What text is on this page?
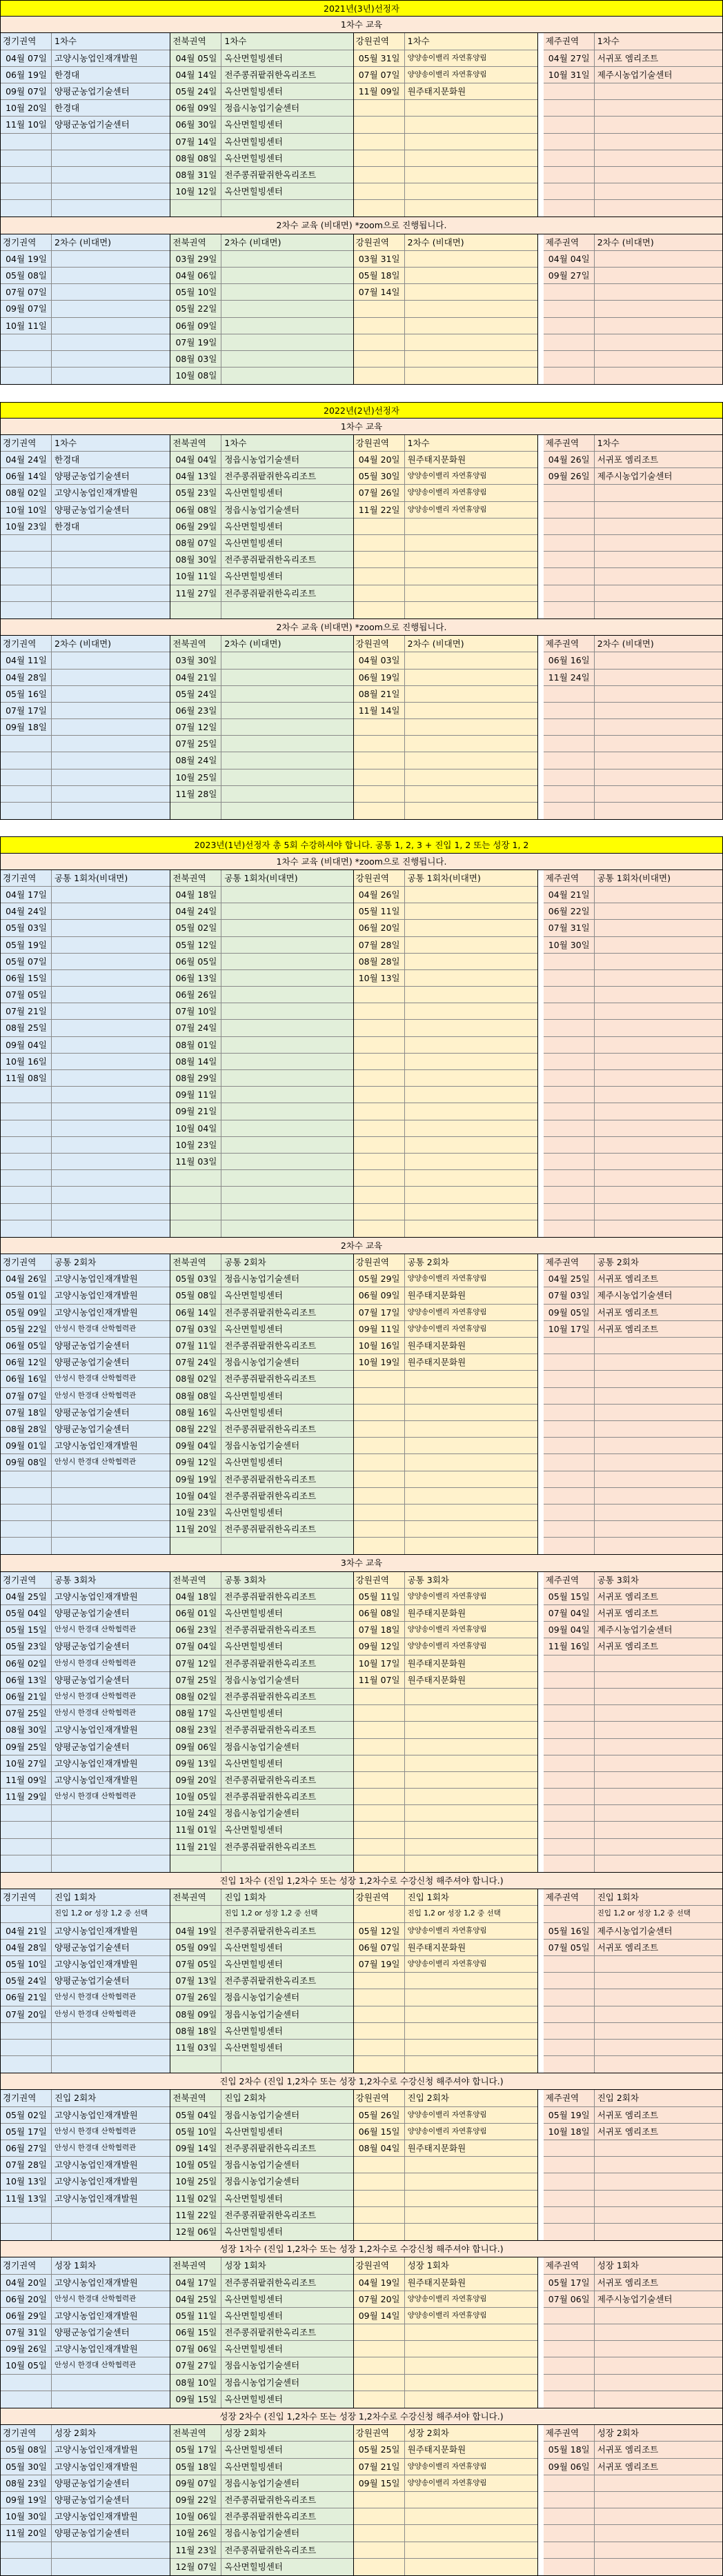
2021년(3년)선정자
1차수 교육
경기권역	1차수
04월 07일 고양시농업인재개발원
06월 19일 한경대
09월 07일 양평군농업기술센터
10월 20일 한경대
11월 10일 양평군농업기술센터
전북권역	1차수
04월 05일 옥산면힐빙센터
04월 14일 전주콩쥐팥쥐한옥리조트
05월 24일 옥산면힐빙센터
06월 09일 정읍시농업기술센터
06월 30일 옥산면힐빙센터
07월 14일 옥산면힐빙센터
08월 08일 옥산면힐빙센터
08월 31일 전주콩쥐팥쥐한옥리조트
10월 12일 옥산면힐빙센터
강원권역	1차수
05월 31일	양양송이밸리 자연휴양림
07월 07일	양양송이밸리 자연휴양림
11월 09일 원주태지문화원
제주권역	1차수
04월 27일 서귀포 엠리조트
10월 31일 제주시농업기술센터
2차수 교육 (비대면) *zoom으로 진행됩니다.
경기권역	2차수 (비대면)
04월 19일
05월 08일
07월 07일
09월 07일
10월 11일
전북권역	2차수 (비대면)
03월 29일
04월 06일
05월 10일
05월 22일
06월 09일
07월 19일
08월 03일
10월 08일
강원권역	2차수 (비대면)
03월 31일
05월 18일
07월 14일
제주권역	2차수 (비대면)
04월 04일
09월 27일
2022년(2년)선정자
1차수 교육
경기권역	1차수
04월 24일 한경대
06월 14일 양평군농업기술센터
08월 02일 고양시농업인재개발원
10월 10일 양평군농업기술센터
10월 23일 한경대
전북권역	1차수
04월 04일 정읍시농업기술센터
04월 13일 전주콩쥐팥쥐한옥리조트
05월 23일 옥산면힐빙센터
06월 08일 정읍시농업기술센터
06월 29일 옥산면힐빙센터
08월 07일 옥산면힐빙센터
08월 30일 전주콩쥐팥쥐한옥리조트
10월 11일 옥산면힐빙센터
11월 27일 전주콩쥐팥쥐한옥리조트
강원권역	1차수
04월 20일 원주태지문화원
05월 30일	양양송이밸리 자연휴양림
07월 26일	양양송이밸리 자연휴양림
11월 22일	양양송이밸리 자연휴양림
제주권역	1차수
04월 26일 서귀포 엠리조트
09월 26일 제주시농업기술센터
2차수 교육 (비대면) *zoom으로 진행됩니다.
경기권역	2차수 (비대면)
04월 11일
04월 28일
05월 16일
07월 17일
09월 18일
전북권역	2차수 (비대면)
03월 30일
04월 21일
05월 24일
06월 23일
07월 12일
07월 25일
08월 24일
10월 25일
11월 28일
강원권역	2차수 (비대면)
04월 03일
06월 19일
08월 21일
11월 14일
제주권역	2차수 (비대면)
06월 16일
11월 24일
2023년(1년)선정자 총 5회 수강하셔야 합니다. 공통 1, 2, 3 + 진입 1, 2 또는 성장 1, 2
1차수 교육 (비대면) *zoom으로 진행됩니다.
경기권역	공통 1회차(비대면)
04월 17일
04월 24일
05월 03일
05월 19일
05월 07일
06월 15일
07월 05일
07월 21일
08월 25일
09월 04일
10월 16일
11월 08일
전북권역	공통 1회차(비대면)
04월 18일
04월 24일
05월 02일
05월 12일
06월 05일
06월 13일
06월 26일
07월 10일
07월 24일
08월 01일
08월 14일
08월 29일
09월 11일
09월 21일
10월 04일
10월 23일
11월 03일
강원권역	공통 1회차(비대면)
04월 26일
05월 11일
06월 20일
07월 28일
08월 28일
10월 13일
제주권역	공통 1회차(비대면)
04월 21일
06월 22일
07월 31일
10월 30일
2차수 교육
경기권역	공통 2회차
04월 26일 고양시농업인재개발원
05월 01일 고양시농업인재개발원
05월 09일 고양시농업인재개발원
05월 22일	안성시 한경대 산학협력관
06월 05일 양평군농업기술센터
06월 12일 양평군농업기술센터
06월 16일	안성시 한경대 산학협력관
07월 07일	안성시 한경대 산학협력관
07월 18일 양평군농업기술센터
08월 28일 양평군농업기술센터
09월 01일 고양시농업인재개발원
09월 08일	안성시 한경대 산학협력관
전북권역	공통 2회차
05월 03일 정읍시농업기술센터
05월 08일 옥산면힐빙센터
06월 14일 전주콩쥐팥쥐한옥리조트
07월 03일 옥산면힐빙센터
07월 11일 전주콩쥐팥쥐한옥리조트
07월 24일 정읍시농업기술센터
08월 02일 전주콩쥐팥쥐한옥리조트
08월 08일 옥산면힐빙센터
08월 16일 옥산면힐빙센터
08월 22일 전주콩쥐팥쥐한옥리조트
09월 04일 정읍시농업기술센터
09월 12일 옥산면힐빙센터
09월 19일 전주콩쥐팥쥐한옥리조트
10월 04일 전주콩쥐팥쥐한옥리조트
10월 23일 옥산면힐빙센터
11월 20일 전주콩쥐팥쥐한옥리조트
강원권역	공통 2회차
05월 29일	양양송이밸리 자연휴양림
06월 09일 원주태지문화원
07월 17일	양양송이밸리 자연휴양림
09월 11일	양양송이밸리 자연휴양림
10월 16일 원주태지문화원
10월 19일 원주태지문화원
제주권역	공통 2회차
04월 25일 서귀포 엠리조트
07월 03일 제주시농업기술센터
09월 05일 서귀포 엠리조트
10월 17일 서귀포 엠리조트
3차수 교육
경기권역	공통 3회차
04월 25일 고양시농업인재개발원
05월 04일 양평군농업기술센터
05월 15일	안성시 한경대 산학협력관
05월 23일 양평군농업기술센터
06월 02일	안성시 한경대 산학협력관
06월 13일 양평군농업기술센터
06월 21일	안성시 한경대 산학협력관
07월 25일	안성시 한경대 산학협력관
08월 30일 고양시농업인재개발원
09월 25일 양평군농업기술센터
10월 27일 고양시농업인재개발원
11월 09일 고양시농업인재개발원
11월 29일	안성시 한경대 산학협력관
전북권역	공통 3회차
04월 18일 전주콩쥐팥쥐한옥리조트
06월 01일 옥산면힐빙센터
06월 23일 전주콩쥐팥쥐한옥리조트
07월 04일 옥산면힐빙센터
07월 12일 전주콩쥐팥쥐한옥리조트
07월 25일 정읍시농업기술센터
08월 02일 전주콩쥐팥쥐한옥리조트
08월 17일 옥산면힐빙센터
08월 23일 전주콩쥐팥쥐한옥리조트
09월 06일 정읍시농업기술센터
09월 13일 옥산면힐빙센터
09월 20일 전주콩쥐팥쥐한옥리조트
10월 05일 전주콩쥐팥쥐한옥리조트
10월 24일 정읍시농업기술센터
11월 01일 옥산면힐빙센터
11월 21일 전주콩쥐팥쥐한옥리조트
강원권역	공통 3회차
05월 11일	양양송이밸리 자연휴양림
06월 08일 원주태지문화원
07월 18일	양양송이밸리 자연휴양림
09월 12일	양양송이밸리 자연휴양림
10월 17일 원주태지문화원
11월 07일 원주태지문화원
제주권역	공통 3회차
05월 15일 서귀포 엠리조트
07월 04일 서귀포 엠리조트
09월 04일 제주시농업기술센터
11월 16일 서귀포 엠리조트
진입 1차수 (진입 1,2차수 또는 성장 1,2차수로 수강신청 해주셔야 합니다.)
경기권역	진입 1회차
진입 1,2 or 성장 1,2 중 선택
04월 21일 고양시농업인재개발원
04월 28일 양평군농업기술센터
05월 10일 고양시농업인재개발원
05월 24일 양평군농업기술센터
06월 21일	안성시 한경대 산학협력관
07월 20일	안성시 한경대 산학협력관
전북권역	진입 1회차
진입 1,2 or 성장 1,2 중 선택
04월 19일 전주콩쥐팥쥐한옥리조트
05월 09일 옥산면힐빙센터
07월 05일 옥산면힐빙센터
07월 13일 전주콩쥐팥쥐한옥리조트
07월 26일 정읍시농업기술센터
08월 09일 정읍시농업기술센터
08월 18일 옥산면힐빙센터
11월 03일 옥산면힐빙센터
강원권역	진입 1회차
진입 1,2 or 성장 1,2 중 선택
05월 12일	양양송이밸리 자연휴양림
06월 07일 원주태지문화원
07월 19일	양양송이밸리 자연휴양림
제주권역	진입 1회차
진입 1,2 or 성장 1,2 중 선택
05월 16일 제주시농업기술센터
07월 05일 서귀포 엠리조트
진입 2차수 (진입 1,2차수 또는 성장 1,2차수로 수강신청 해주셔야 합니다.)
경기권역	진입 2회차
05월 02일 고양시농업인재개발원
05월 17일	안성시 한경대 산학협력관
06월 27일	안성시 한경대 산학협력관
07월 28일 고양시농업인재개발원
10월 13일 고양시농업인재개발원
11월 13일 고양시농업인재개발원
전북권역	진입 2회차
05월 04일 정읍시농업기술센터
05월 10일 옥산면힐빙센터
09월 14일 전주콩쥐팥쥐한옥리조트
10월 05일 정읍시농업기술센터
10월 25일 정읍시농업기술센터
11월 02일 옥산면힐빙센터
11월 22일 전주콩쥐팥쥐한옥리조트
12월 06일 옥산면힐빙센터
강원권역	진입 2회차
05월 26일	양양송이밸리 자연휴양림
06월 15일	양양송이밸리 자연휴양림
08월 04일 원주태지문화원
제주권역	진입 2회차
05월 19일 서귀포 엠리조트
10월 18일 서귀포 엠리조트
성장 1차수 (진입 1,2차수 또는 성장 1,2차수로 수강신청 해주셔야 합니다.)
경기권역	성장 1회차
04월 20일 고양시농업인재개발원
06월 20일	안성시 한경대 산학협력관
06월 29일 고양시농업인재개발원
07월 31일 양평군농업기술센터
09월 26일 고양시농업인재개발원
10월 05일	안성시 한경대 산학협력관
전북권역	성장 1회차
04월 17일 전주콩쥐팥쥐한옥리조트
04월 25일 옥산면힐빙센터
05월 11일 옥산면힐빙센터
06월 15일 전주콩쥐팥쥐한옥리조트
07월 06일 옥산면힐빙센터
07월 27일 정읍시농업기술센터
08월 10일 정읍시농업기술센터
09월 15일 옥산면힐빙센터
강원권역	성장 1회차
04월 19일 원주태지문화원
07월 20일	양양송이밸리 자연휴양림
09월 14일	양양송이밸리 자연휴양림
제주권역	성장 1회차
05월 17일 서귀포 엠리조트
07월 06일 제주시농업기술센터
성장 2차수 (진입 1,2차수 또는 성장 1,2차수로 수강신청 해주셔야 합니다.)
경기권역	성장 2회차
05월 08일 고양시농업인재개발원
05월 30일 고양시농업인재개발원
08월 23일 양평군농업기술센터
09월 19일 양평군농업기술센터
10월 30일 고양시농업인재개발원
11월 20일 양평군농업기술센터
전북권역	성장 2회차
05월 17일 옥산면힐빙센터
05월 18일 옥산면힐빙센터
09월 07일 정읍시농업기술센터
09월 22일 전주콩쥐팥쥐한옥리조트
10월 06일 전주콩쥐팥쥐한옥리조트
10월 26일 정읍시농업기술센터
11월 23일 전주콩쥐팥쥐한옥리조트
12월 07일 옥산면힐빙센터
강원권역	성장 2회차
05월 25일 원주태지문화원
07월 21일	양양송이밸리 자연휴양림
09월 15일	양양송이밸리 자연휴양림
제주권역	성장 2회차
05월 18일 서귀포 엠리조트
09월 06일 서귀포 엠리조트
